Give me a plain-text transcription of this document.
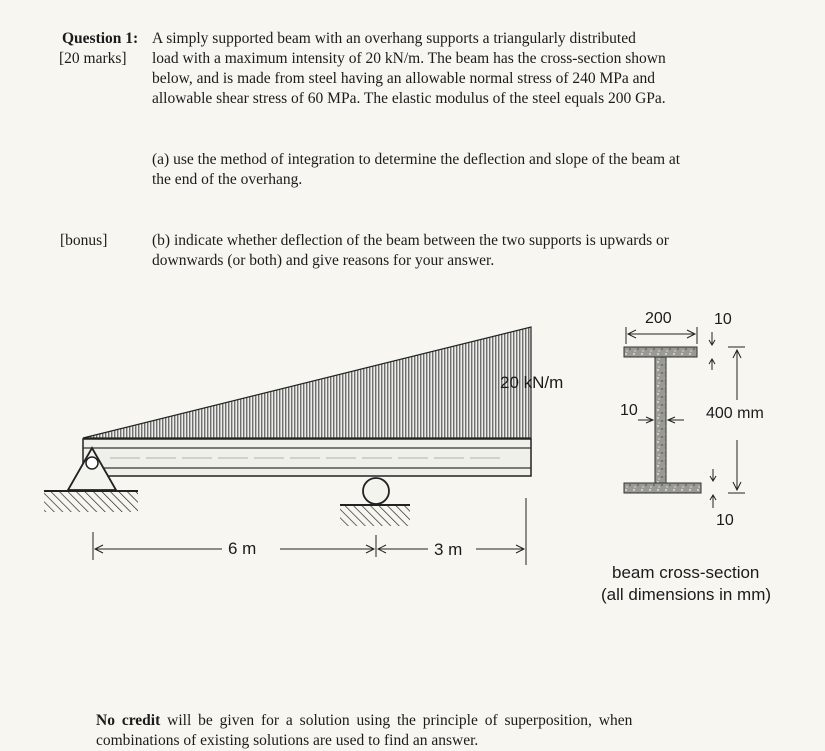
Question 1:
[20 marks]
A simply supported beam with an overhang supports a triangularly distributed
load with a maximum intensity of 20 kN/m. The beam has the cross-section shown
below, and is made from steel having an allowable normal stress of 240 MPa and
allowable shear stress of 60 MPa. The elastic modulus of the steel equals 200 GPa.
(a) use the method of integration to determine the deflection and slope of the beam at
the end of the overhang.
[bonus]	(b) indicate whether deflection of the beam between the two supports is upwards or
downwards (or both) and give reasons for your answer.
20 kN/m
6 m	3 m
200	10
10	400 mm
10
beam cross-section
(all dimensions in mm)
No credit will be given for a solution using the principle of superposition, when
combinations of existing solutions are used to find an answer.
